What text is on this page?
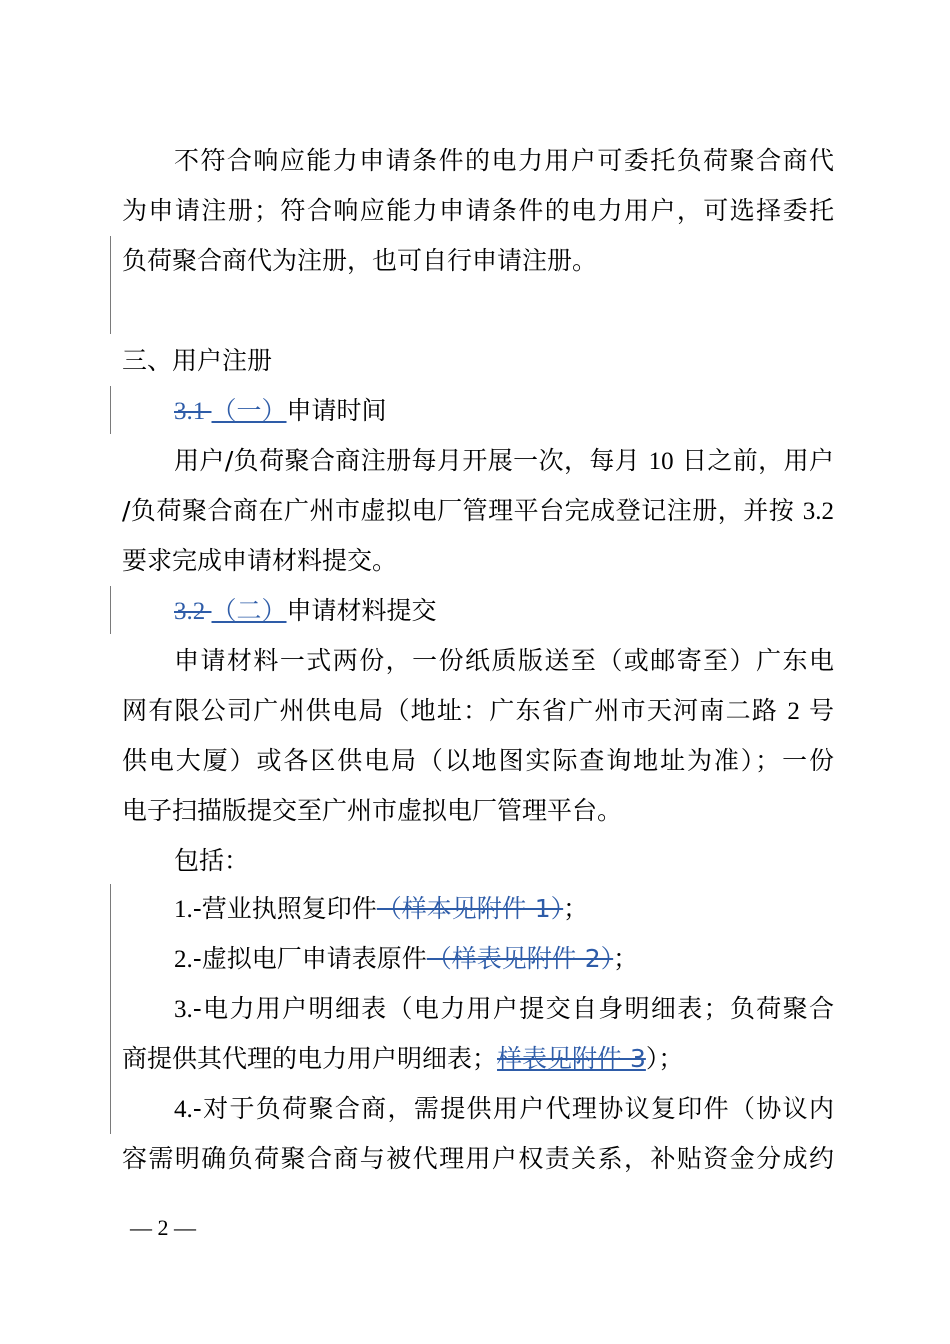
不符合响应能力申请条件的电力用户可委托负荷聚合商代
为申请注册；符合响应能力申请条件的电力用户，可选择委托
负荷聚合商代为注册，也可自行申请注册。
三、用户注册
3.1 （一）申请时间
用户/负荷聚合商注册每月开展一次，每月 10 日之前，用户
/负荷聚合商在广州市虚拟电厂管理平台完成登记注册，并按 3.2
要求完成申请材料提交。
3.2 （二）申请材料提交
申请材料一式两份，一份纸质版送至（或邮寄至）广东电
网有限公司广州供电局（地址：广东省广州市天河南二路 2 号
供电大厦）或各区供电局（以地图实际查询地址为准）；一份
电子扫描版提交至广州市虚拟电厂管理平台。
包括：
1.-营业执照复印件（样本见附件 1）；
2.-虚拟电厂申请表原件（样表见附件 2）；
3.-电力用户明细表（电力用户提交自身明细表；负荷聚合
商提供其代理的电力用户明细表；样表见附件 3）；
4.-对于负荷聚合商，需提供用户代理协议复印件（协议内
容需明确负荷聚合商与被代理用户权责关系，补贴资金分成约
— 2 —
